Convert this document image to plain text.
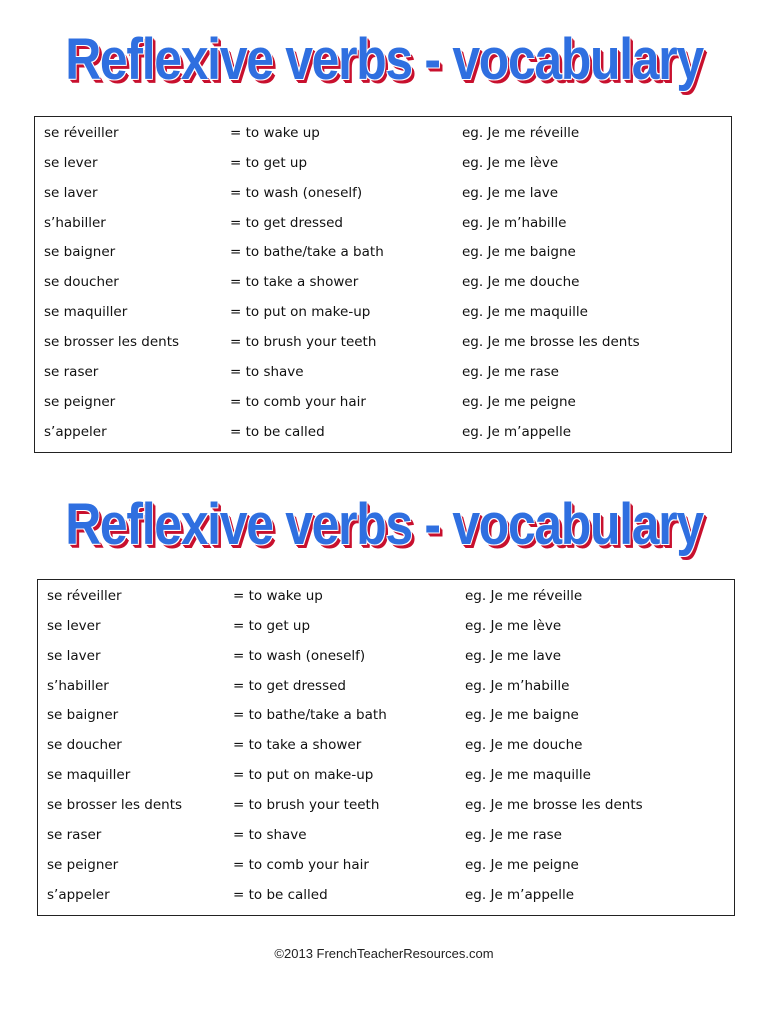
Reflexive verbs - vocabulary
se réveiller	= to wake up	eg. Je me réveille
se lever	= to get up	eg. Je me lève
se laver	= to wash (oneself)	eg. Je me lave
s’habiller	= to get dressed	eg. Je m’habille
se baigner	= to bathe/take a bath	eg. Je me baigne
se doucher	= to take a shower	eg. Je me douche
se maquiller	= to put on make-up	eg. Je me maquille
se brosser les dents	= to brush your teeth	eg. Je me brosse les dents
se raser	= to shave	eg. Je me rase
se peigner	= to comb your hair	eg. Je me peigne
s’appeler	= to be called	eg. Je m’appelle
Reflexive verbs - vocabulary
se réveiller	= to wake up	eg. Je me réveille
se lever	= to get up	eg. Je me lève
se laver	= to wash (oneself)	eg. Je me lave
s’habiller	= to get dressed	eg. Je m’habille
se baigner	= to bathe/take a bath	eg. Je me baigne
se doucher	= to take a shower	eg. Je me douche
se maquiller	= to put on make-up	eg. Je me maquille
se brosser les dents	= to brush your teeth	eg. Je me brosse les dents
se raser	= to shave	eg. Je me rase
se peigner	= to comb your hair	eg. Je me peigne
s’appeler	= to be called	eg. Je m’appelle
©2013 FrenchTeacherResources.com
